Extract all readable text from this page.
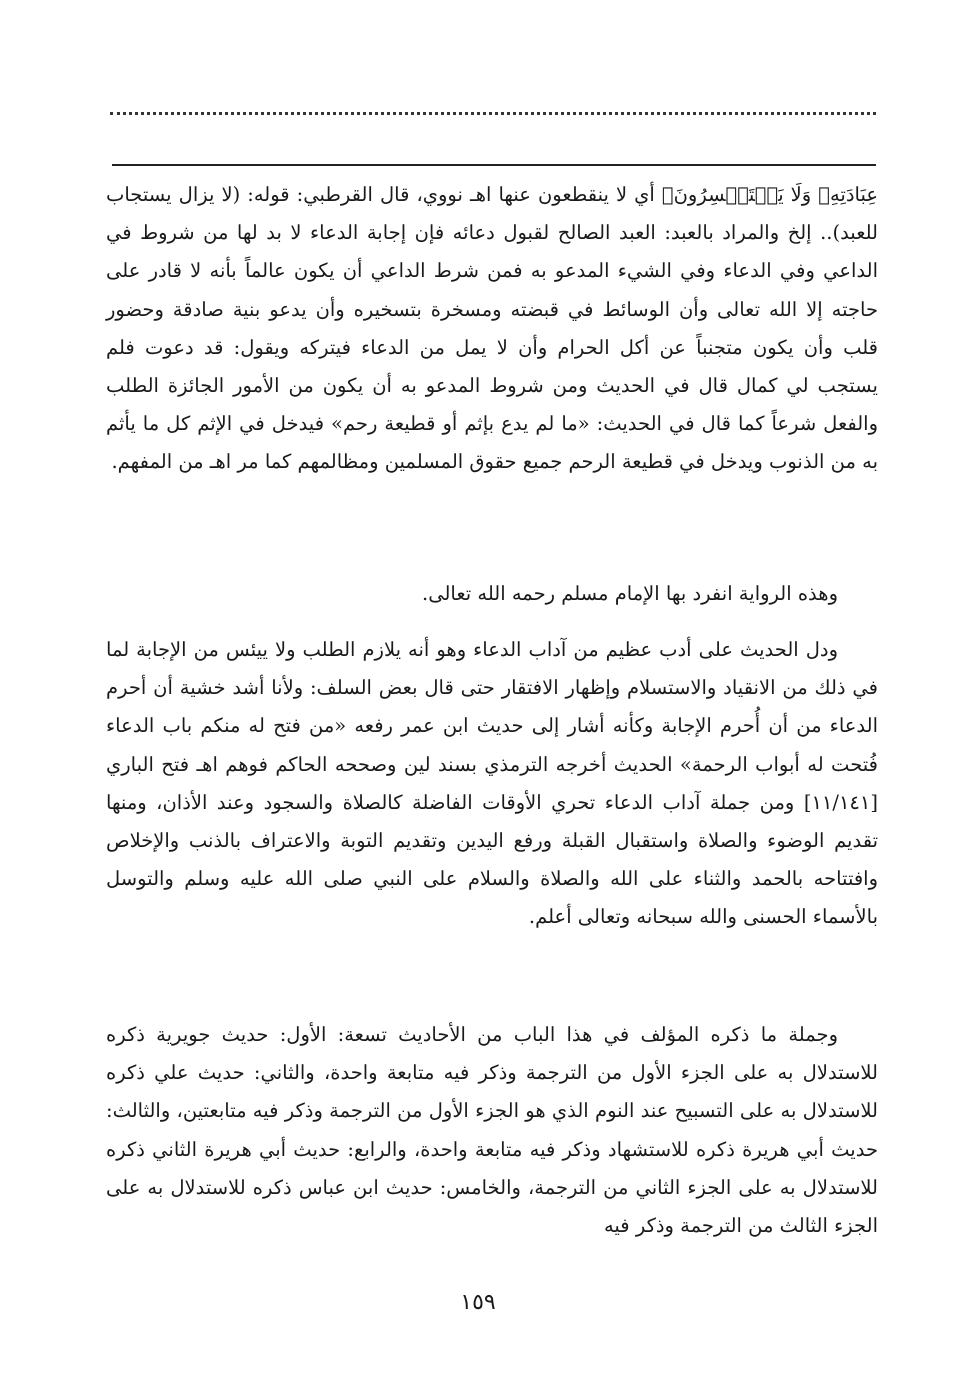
عِبَادَتِهِۦ وَلَا يَسۡتَحۡسِرُونَ﴾ أي لا ينقطعون عنها اهـ نووي، قال القرطبي: قوله: (لا يزال يستجاب للعبد).. إلخ والمراد بالعبد: العبد الصالح لقبول دعائه فإن إجابة الدعاء لا بد لها من شروط في الداعي وفي الدعاء وفي الشيء المدعو به فمن شرط الداعي أن يكون عالماً بأنه لا قادر على حاجته إلا الله تعالى وأن الوسائط في قبضته ومسخرة بتسخيره وأن يدعو بنية صادقة وحضور قلب وأن يكون متجنباً عن أكل الحرام وأن لا يمل من الدعاء فيتركه ويقول: قد دعوت فلم يستجب لي كمال قال في الحديث ومن شروط المدعو به أن يكون من الأمور الجائزة الطلب والفعل شرعاً كما قال في الحديث: «ما لم يدع بإثم أو قطيعة رحم» فيدخل في الإثم كل ما يأثم به من الذنوب ويدخل في قطيعة الرحم جميع حقوق المسلمين ومظالمهم كما مر اهـ من المفهم.

وهذه الرواية انفرد بها الإمام مسلم رحمه الله تعالى.

ودل الحديث على أدب عظيم من آداب الدعاء وهو أنه يلازم الطلب ولا ييئس من الإجابة لما في ذلك من الانقياد والاستسلام وإظهار الافتقار حتى قال بعض السلف: ولأنا أشد خشية أن أحرم الدعاء من أن أُحرم الإجابة وكأنه أشار إلى حديث ابن عمر رفعه «من فتح له منكم باب الدعاء فُتحت له أبواب الرحمة» الحديث أخرجه الترمذي بسند لين وصححه الحاكم فوهم اهـ فتح الباري [١١/١٤١] ومن جملة آداب الدعاء تحري الأوقات الفاضلة كالصلاة والسجود وعند الأذان، ومنها تقديم الوضوء والصلاة واستقبال القبلة ورفع اليدين وتقديم التوبة والاعتراف بالذنب والإخلاص وافتتاحه بالحمد والثناء على الله والصلاة والسلام على النبي صلى الله عليه وسلم والتوسل بالأسماء الحسنى والله سبحانه وتعالى أعلم.

وجملة ما ذكره المؤلف في هذا الباب من الأحاديث تسعة: الأول: حديث جويرية ذكره للاستدلال به على الجزء الأول من الترجمة وذكر فيه متابعة واحدة، والثاني: حديث علي ذكره للاستدلال به على التسبيح عند النوم الذي هو الجزء الأول من الترجمة وذكر فيه متابعتين، والثالث: حديث أبي هريرة ذكره للاستشهاد وذكر فيه متابعة واحدة، والرابع: حديث أبي هريرة الثاني ذكره للاستدلال به على الجزء الثاني من الترجمة، والخامس: حديث ابن عباس ذكره للاستدلال به على الجزء الثالث من الترجمة وذكر فيه

١٥٩
